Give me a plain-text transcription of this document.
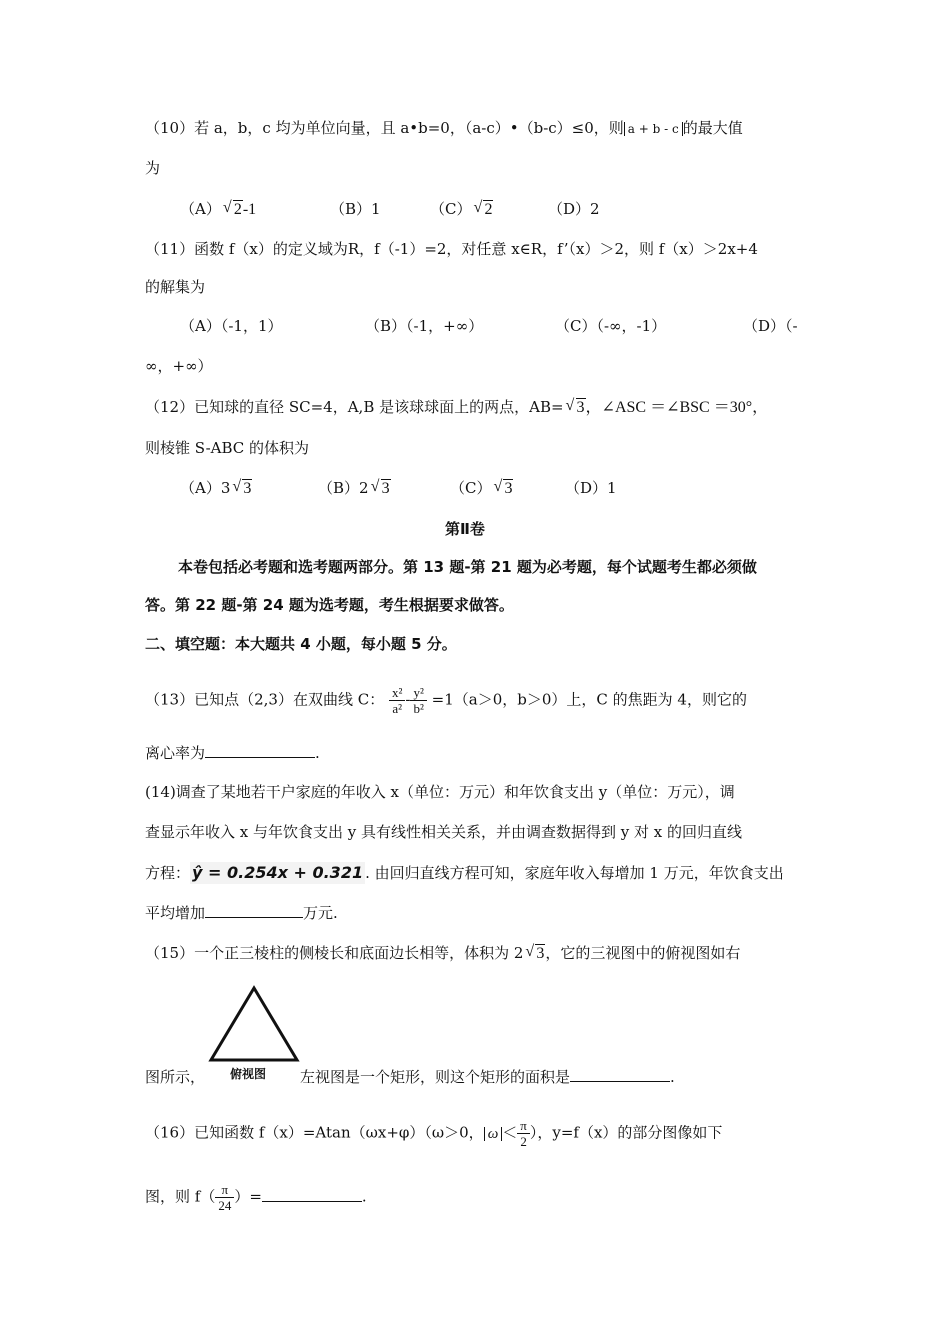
（10）若 a，b，c 均为单位向量，且 a•b=0，（a-c）•（b-c）≤0，则 a + b - c 的最大值
为
（A） √ 2-1	（B）1	（C） √ 2	（D）2
（11）函数 f（x）的定义域为R，f（-1）=2，对任意 x∈R，f’（x）＞2，则 f（x）＞2x+4
的解集为
（A）（-1，1）	（B）（-1，+∞）	（C）（-∞，-1）	（D）（-
∞，+∞）
（12）已知球的直径 SC=4，A,B 是该球球面上的两点，AB= √ 3，∠ASC ＝∠BSC ＝30°，
则棱锥 S-ABC 的体积为
（A）3 √ 3	（B）2 √ 3	（C） √ 3	（D）1
第Ⅱ卷
本卷包括必考题和选考题两部分。第 13 题-第 21 题为必考题，每个试题考生都必须做
答。第 22 题-第 24 题为选考题，考生根据要求做答。
二、填空题：本大题共 4 小题，每小题 5 分。
（13）已知点（2,3）在双曲线 C： $\frac{\text{x²}}{\text{a²}} - \frac{\text{y²}}{\text{b²}} =1(a>0$，b＞0）上，C 的焦距为 4，则它的
离心率为	.
(14)调查了某地若干户家庭的年收入 x（单位：万元）和年饮食支出 y（单位：万元），调
查显示年收入 x 与年饮食支出 y 具有线性相关关系，并由调查数据得到 y 对 x 的回归直线
方程： ŷ = 0.254x + 0.321 . 由回归直线方程可知，家庭年收入每增加 1 万元，年饮食支出
平均增加	万元.
（15）一个正三棱柱的侧棱长和底面边长相等，体积为 2 √ 3，它的三视图中的俯视图如右
俯视图
图所示，	左视图是一个矩形，则这个矩形的面积是	.
（16）已知函数 f（x）=Atan（ωx+φ）（ω＞0， $\omega < \frac{\pi}{2}$ ），y=f（x）的部分图像如下
图，则 $f( \frac{\pi}{24}$ ）=	.
